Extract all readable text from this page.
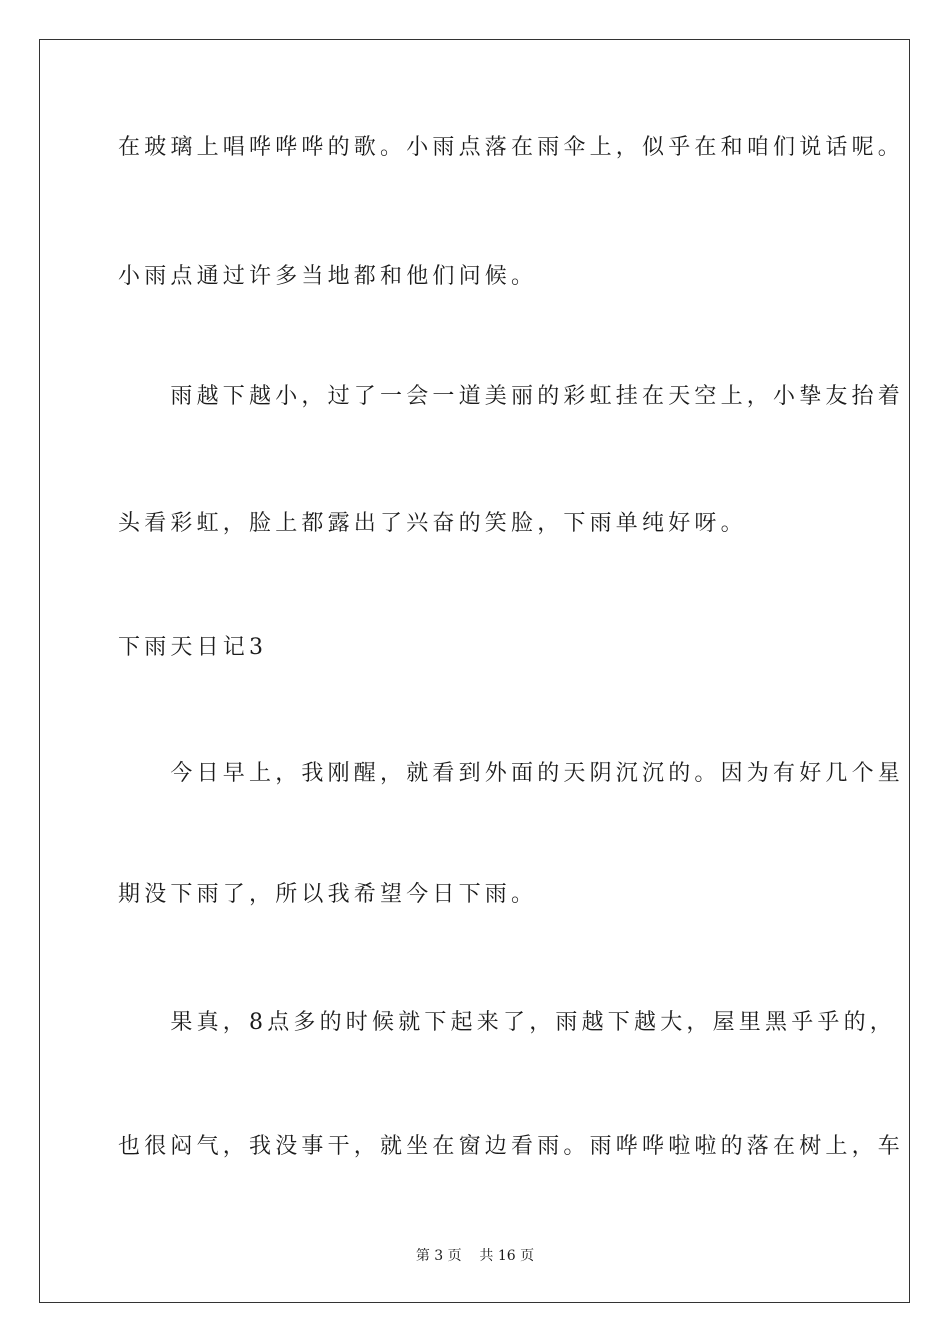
在玻璃上唱哗哗哗的歌。小雨点落在雨伞上，似乎在和咱们说话呢。
小雨点通过许多当地都和他们问候。
　　雨越下越小，过了一会一道美丽的彩虹挂在天空上，小挚友抬着
头看彩虹，脸上都露出了兴奋的笑脸，下雨单纯好呀。
下雨天日记3
　　今日早上，我刚醒，就看到外面的天阴沉沉的。因为有好几个星
期没下雨了，所以我希望今日下雨。
　　果真，8点多的时候就下起来了，雨越下越大，屋里黑乎乎的，
也很闷气，我没事干，就坐在窗边看雨。雨哗哗啦啦的落在树上，车
第 3 页    共 16 页
